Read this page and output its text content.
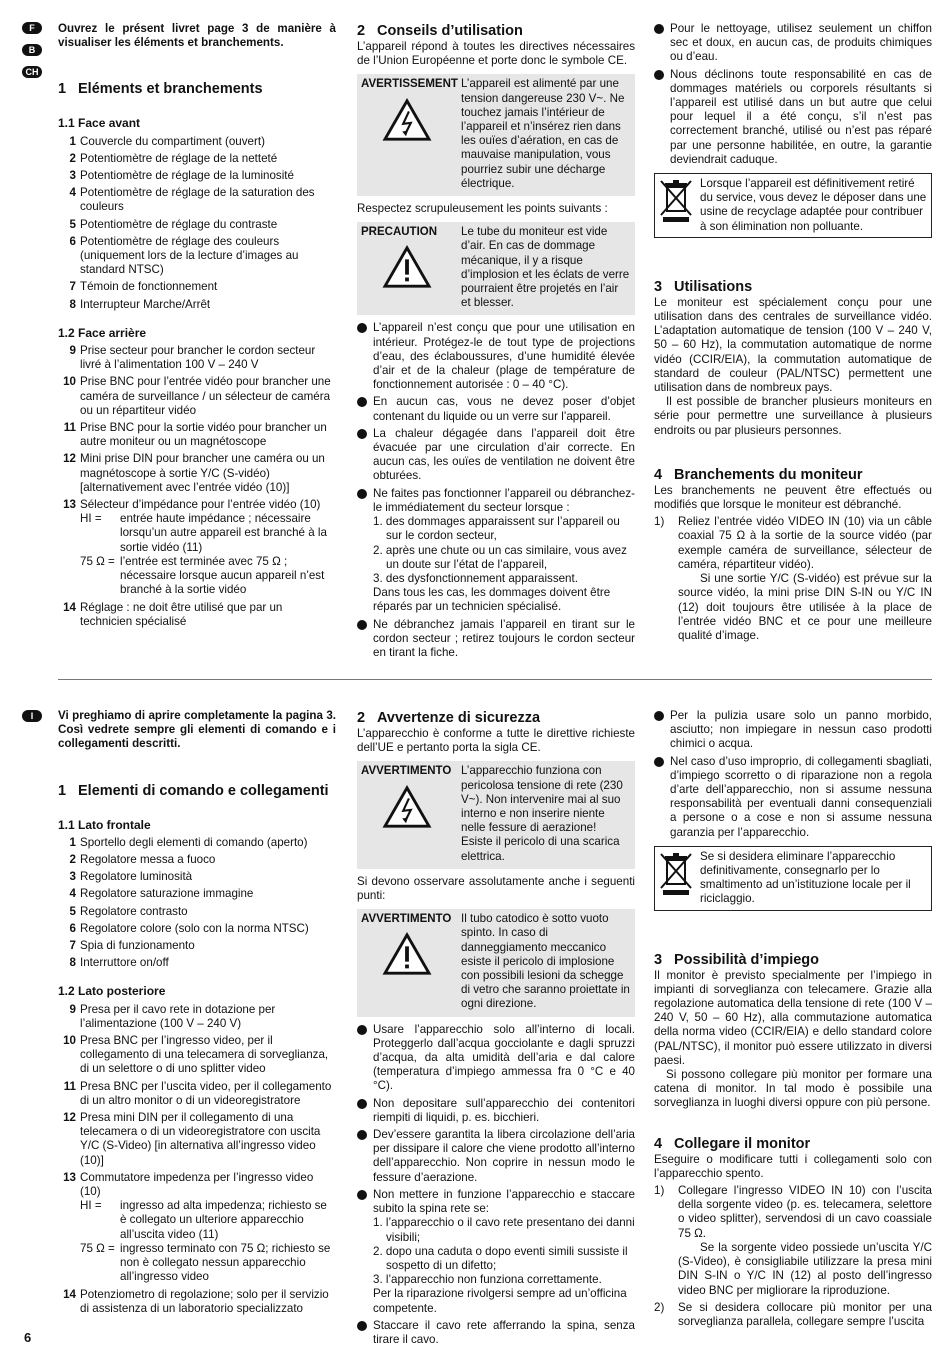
F
B
CH
I

Ouvrez le présent livret page 3 de manière à visualiser les éléments et branchements.

1 Eléments et branchements
1.1 Face avant
1 Couvercle du compartiment (ouvert)
2 Potentiomètre de réglage de la netteté
3 Potentiomètre de réglage de la luminosité
4 Potentiomètre de réglage de la saturation des couleurs
5 Potentiomètre de réglage du contraste
6 Potentiomètre de réglage des couleurs (uniquement lors de la lecture d’images au standard NTSC)
7 Témoin de fonctionnement
8 Interrupteur Marche/Arrêt
1.2 Face arrière
9 Prise secteur pour brancher le cordon secteur livré à l’alimentation 100 V – 240 V
10 Prise BNC pour l’entrée vidéo pour brancher une caméra de surveillance / un sélecteur de caméra ou un répartiteur vidéo
11 Prise BNC pour la sortie vidéo pour brancher un autre moniteur ou un magnétoscope
12 Mini prise DIN pour brancher une caméra ou un magnétoscope à sortie Y/C (S-vidéo) [alternativement avec l’entrée vidéo (10)]
13 Sélecteur d’impédance pour l’entrée vidéo (10)
HI =	entrée haute impédance ; nécessaire lorsqu’un autre appareil est branché à la sortie vidéo (11)
75 Ω = l’entrée est terminée avec 75 Ω ; nécessaire lorsque aucun appareil n’est branché à la sortie vidéo
14 Réglage : ne doit être utilisé que par un technicien spécialisé
2 Conseils d’utilisation

L’appareil répond à toutes les directives nécessaires de l’Union Européenne et porte donc le symbole CE.

AVERTISSEMENT L’appareil est alimenté par une tension dangereuse 230 V~. Ne touchez jamais l’intérieur de l’appareil et n’insérez rien dans les ouïes d’aération, en cas de mauvaise manipulation, vous pourriez subir une décharge électrique.

Respectez scrupuleusement les points suivants :

PRECAUTION	Le tube du moniteur est vide d’air. En cas de dommage mécanique, il y a risque d’implosion et les éclats de verre pourraient être projetés en l’air et blesser.
L’appareil n’est conçu que pour une utilisation en intérieur. Protégez-le de tout type de projections d’eau, des éclaboussures, d’une humidité élevée d’air et de la chaleur (plage de température de fonctionnement autorisée : 0 – 40 °C).
En aucun cas, vous ne devez poser d’objet contenant du liquide ou un verre sur l’appareil.
La chaleur dégagée dans l’appareil doit être évacuée par une circulation d’air correcte. En aucun cas, les ouïes de ventilation ne doivent être obturées.
Ne faites pas fonctionner l’appareil ou débranchez-le immédiatement du secteur lorsque :
1. des dommages apparaissent sur l’appareil ou sur le cordon secteur,
2. après une chute ou un cas similaire, vous avez un doute sur l’état de l’appareil,
3. des dysfonctionnement apparaissent.
Dans tous les cas, les dommages doivent être réparés par un technicien spécialisé.
Ne débranchez jamais l’appareil en tirant sur le cordon secteur ; retirez toujours le cordon secteur en tirant la fiche.
Pour le nettoyage, utilisez seulement un chiffon sec et doux, en aucun cas, de produits chimiques ou d’eau.
Nous déclinons toute responsabilité en cas de dommages matériels ou corporels résultants si l’appareil est utilisé dans un but autre que celui pour lequel il a été conçu, s’il n’est pas correctement branché, utilisé ou n’est pas réparé par une personne habilitée, en outre, la garantie deviendrait caduque.
Lorsque l’appareil est définitivement retiré du service, vous devez le déposer dans une usine de recyclage adaptée pour contribuer à son élimination non polluante.
3 Utilisations

Le moniteur est spécialement conçu pour une utilisation dans des centrales de surveillance vidéo. L’adaptation automatique de tension (100 V – 240 V, 50 – 60 Hz), la commutation automatique de norme vidéo (CCIR/EIA), la commutation automatique de standard de couleur (PAL/NTSC) permettent une utilisation dans de nombreux pays.

Il est possible de brancher plusieurs moniteurs en série pour permettre une surveillance à plusieurs endroits ou par plusieurs personnes.

4 Branchements du moniteur

Les branchements ne peuvent être effectués ou modifiés que lorsque le moniteur est débranché.

1)	Reliez l’entrée vidéo VIDEO IN (10) via un câble coaxial 75 Ω à la sortie de la source vidéo (par exemple caméra de surveillance, sélecteur de caméra, répartiteur vidéo).
Si une sortie Y/C (S-vidéo) est prévue sur la source vidéo, la mini prise DIN S-IN ou Y/C IN (12) doit toujours être utilisée à la place de l’entrée vidéo BNC et ce pour une meilleure qualité d’image.

Vi preghiamo di aprire completamente la pagina 3. Così vedrete sempre gli elementi di comando e i collegamenti descritti.

1 Elementi di comando e collegamenti
1.1 Lato frontale
1 Sportello degli elementi di comando (aperto)
2 Regolatore messa a fuoco
3 Regolatore luminosità
4 Regolatore saturazione immagine
5 Regolatore contrasto
6 Regolatore colore (solo con la norma NTSC)
7 Spia di funzionamento
8 Interruttore on/off
1.2 Lato posteriore
9 Presa per il cavo rete in dotazione per l’alimentazione (100 V – 240 V)
10 Presa BNC per l’ingresso video, per il collegamento di una telecamera di sorveglianza, di un selettore o di uno splitter video
11 Presa BNC per l’uscita video, per il collegamento di un altro monitor o di un videoregistratore
12 Presa mini DIN per il collegamento di una telecamera o di un videoregistratore con uscita Y/C (S-Video) [in alternativa all’ingresso video (10)]
13 Commutatore impedenza per l’ingresso video (10)
HI =	ingresso ad alta impedenza; richiesto se è collegato un ulteriore apparecchio all’uscita video (11)
75 Ω = ingresso terminato con 75 Ω; richiesto se non è collegato nessun apparecchio all’ingresso video
14 Potenziometro di regolazione; solo per il servizio di assistenza di un laboratorio specializzato
2 Avvertenze di sicurezza

L’apparecchio è conforme a tutte le direttive richieste dell’UE e pertanto porta la sigla CE.

AVVERTIMENTO L’apparecchio funziona con pericolosa tensione di rete (230 V~). Non intervenire mai al suo interno e non inserire niente nelle fessure di aerazione! Esiste il pericolo di una scarica elettrica.

Si devono osservare assolutamente anche i seguenti punti:

AVVERTIMENTO Il tubo catodico è sotto vuoto spinto. In caso di danneggiamento meccanico esiste il pericolo di implosione con possibili lesioni da schegge di vetro che saranno proiettate in ogni direzione.
Usare l’apparecchio solo all’interno di locali. Proteggerlo dall’acqua gocciolante e dagli spruzzi d’acqua, da alta umidità dell’aria e dal calore (temperatura d’impiego ammessa fra 0 °C e 40 °C).
Non depositare sull’apparecchio dei contenitori riempiti di liquidi, p. es. bicchieri.
Dev’essere garantita la libera circolazione dell’aria per dissipare il calore che viene prodotto all’interno dell’apparecchio. Non coprire in nessun modo le fessure d’aerazione.
Non mettere in funzione l’apparecchio e staccare subito la spina rete se:
1. l’apparecchio o il cavo rete presentano dei danni visibili;
2. dopo una caduta o dopo eventi simili sussiste il sospetto di un difetto;
3. l’apparecchio non funziona correttamente.
Per la riparazione rivolgersi sempre ad un’officina competente.
Staccare il cavo rete afferrando la spina, senza tirare il cavo.
Per la pulizia usare solo un panno morbido, asciutto; non impiegare in nessun caso prodotti chimici o acqua.
Nel caso d’uso improprio, di collegamenti sbagliati, d’impiego scorretto o di riparazione non a regola d’arte dell’apparecchio, non si assume nessuna responsabilità per eventuali danni consequenziali a persone o a cose e non si assume nessuna garanzia per l’apparecchio.
Se si desidera eliminare l’apparecchio definitivamente, consegnarlo per lo smaltimento ad un’istituzione locale per il riciclaggio.
3 Possibilità d’impiego

Il monitor è previsto specialmente per l’impiego in impianti di sorveglianza con telecamere. Grazie alla regolazione automatica della tensione di rete (100 V – 240 V, 50 – 60 Hz), alla commutazione automatica della norma video (CCIR/EIA) e dello standard colore (PAL/NTSC), il monitor può essere utilizzato in diversi paesi.

Si possono collegare più monitor per formare una catena di monitor. In tal modo è possibile una sorveglianza in luoghi diversi oppure con più persone.

4 Collegare il monitor

Eseguire o modificare tutti i collegamenti solo con l’apparecchio spento.

1)	Collegare l’ingresso VIDEO IN 10) con l’uscita della sorgente video (p. es. telecamera, selettore o video splitter), servendosi di un cavo coassiale 75 Ω.
Se la sorgente video possiede un’uscita Y/C (S-Video), è consigliabile utilizzare la presa mini DIN S-IN o Y/C IN (12) al posto dell’ingresso video BNC per migliorare la riproduzione.
2)	Se si desidera collocare più monitor per una sorveglianza parallela, collegare sempre l’uscita
6
